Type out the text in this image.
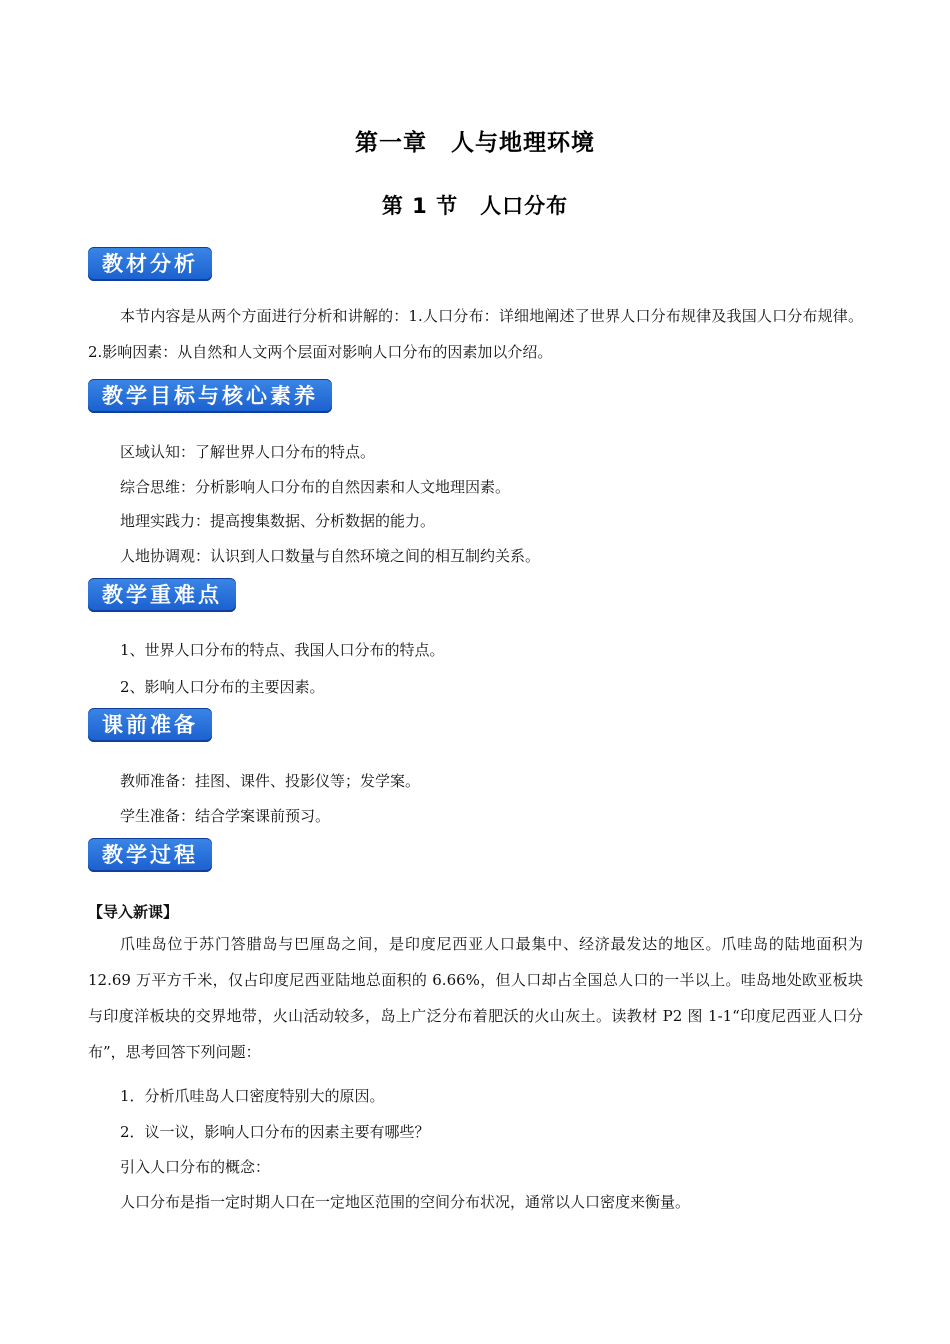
第一章　人与地理环境
第 1 节　人口分布
教材分析
本节内容是从两个方面进行分析和讲解的：1.人口分布：详细地阐述了世界人口分布规律及我国人口分布规律。2.影响因素：从自然和人文两个层面对影响人口分布的因素加以介绍。
教学目标与核心素养
区域认知：了解世界人口分布的特点。
综合思维：分析影响人口分布的自然因素和人文地理因素。
地理实践力：提高搜集数据、分析数据的能力。
人地协调观：认识到人口数量与自然环境之间的相互制约关系。
教学重难点
1、世界人口分布的特点、我国人口分布的特点。
2、影响人口分布的主要因素。
课前准备
教师准备：挂图、课件、投影仪等；发学案。
学生准备：结合学案课前预习。
教学过程
【导入新课】
爪哇岛位于苏门答腊岛与巴厘岛之间，是印度尼西亚人口最集中、经济最发达的地区。爪哇岛的陆地面积为 12.69 万平方千米，仅占印度尼西亚陆地总面积的 6.66%，但人口却占全国总人口的一半以上。哇岛地处欧亚板块与印度洋板块的交界地带，火山活动较多，岛上广泛分布着肥沃的火山灰土。读教材 P2 图 1-1“印度尼西亚人口分布”，思考回答下列问题：
1．分析爪哇岛人口密度特别大的原因。
2．议一议，影响人口分布的因素主要有哪些？
引入人口分布的概念：
人口分布是指一定时期人口在一定地区范围的空间分布状况，通常以人口密度来衡量。
